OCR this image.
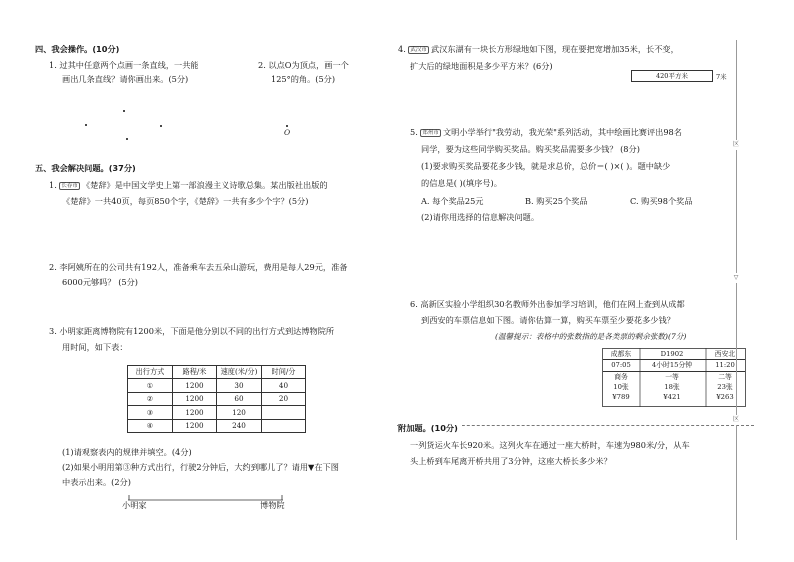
四、我会操作。(10分)
1. 过其中任意两个点画一条直线，一共能
画出几条直线？请你画出来。(5分)
2. 以点O为顶点，画一个
125°的角。(5分)
O
五、我会解决问题。(37分)
1. 长春市 《楚辞》是中国文学史上第一部浪漫主义诗歌总集。某出版社出版的
《楚辞》一共40页，每页850个字，《楚辞》一共有多少个字？(5分)
2. 李阿姨所在的公司共有192人，准备乘车去五朵山游玩，费用是每人29元，准备
6000元够吗？ (5分)
3. 小明家距离博物院有1200米，下面是他分别以不同的出行方式到达博物院所
用时间，如下表：
出行方式	路程/米	速度(米/分)	时间/分
①	1200	30	40
②	1200	60	20
③	1200	120	
④	1200	240	
(1)请观察表内的规律并填空。(4分)
(2)如果小明用第③种方式出行，行驶2分钟后，大约到哪儿了？请用▼在下图
中表示出来。(2分)
小明家	博物院
4. 武汉市 武汉东湖有一块长方形绿地如下图，现在要把宽增加35米，长不变，
扩大后的绿地面积是多少平方米？(6分)
420平方米	7米
5. 郑州市 文明小学举行"我劳动，我光荣"系列活动，其中绘画比赛评出98名
同学，要为这些同学购买奖品。购买奖品需要多少钱？ (8分)
(1)要求购买奖品要花多少钱，就是求总价，总价＝( )×( )。题中缺少
的信息是( )(填序号)。
A. 每个奖品25元	B. 购买25个奖品	C. 购买98个奖品
(2)请你用选择的信息解决问题。
6. 高新区实验小学组织30名教师外出参加学习培训，他们在网上查到从成都
到西安的车票信息如下图。请你估算一算，购买车票至少要花多少钱？
(温馨提示：表格中的张数指的是各类票的剩余张数)(7分)
成都东	D1902	西安北
07:05	4小时15分钟	11:20
商务	一等	二等
10张	18张	23张
¥789	¥421	¥263
附加题。(10分)
一列货运火车长920米。这列火车在通过一座大桥时，车速为980米/分，从车
头上桥到车尾离开桥共用了3分钟，这座大桥长多少米？
区
▽
区
